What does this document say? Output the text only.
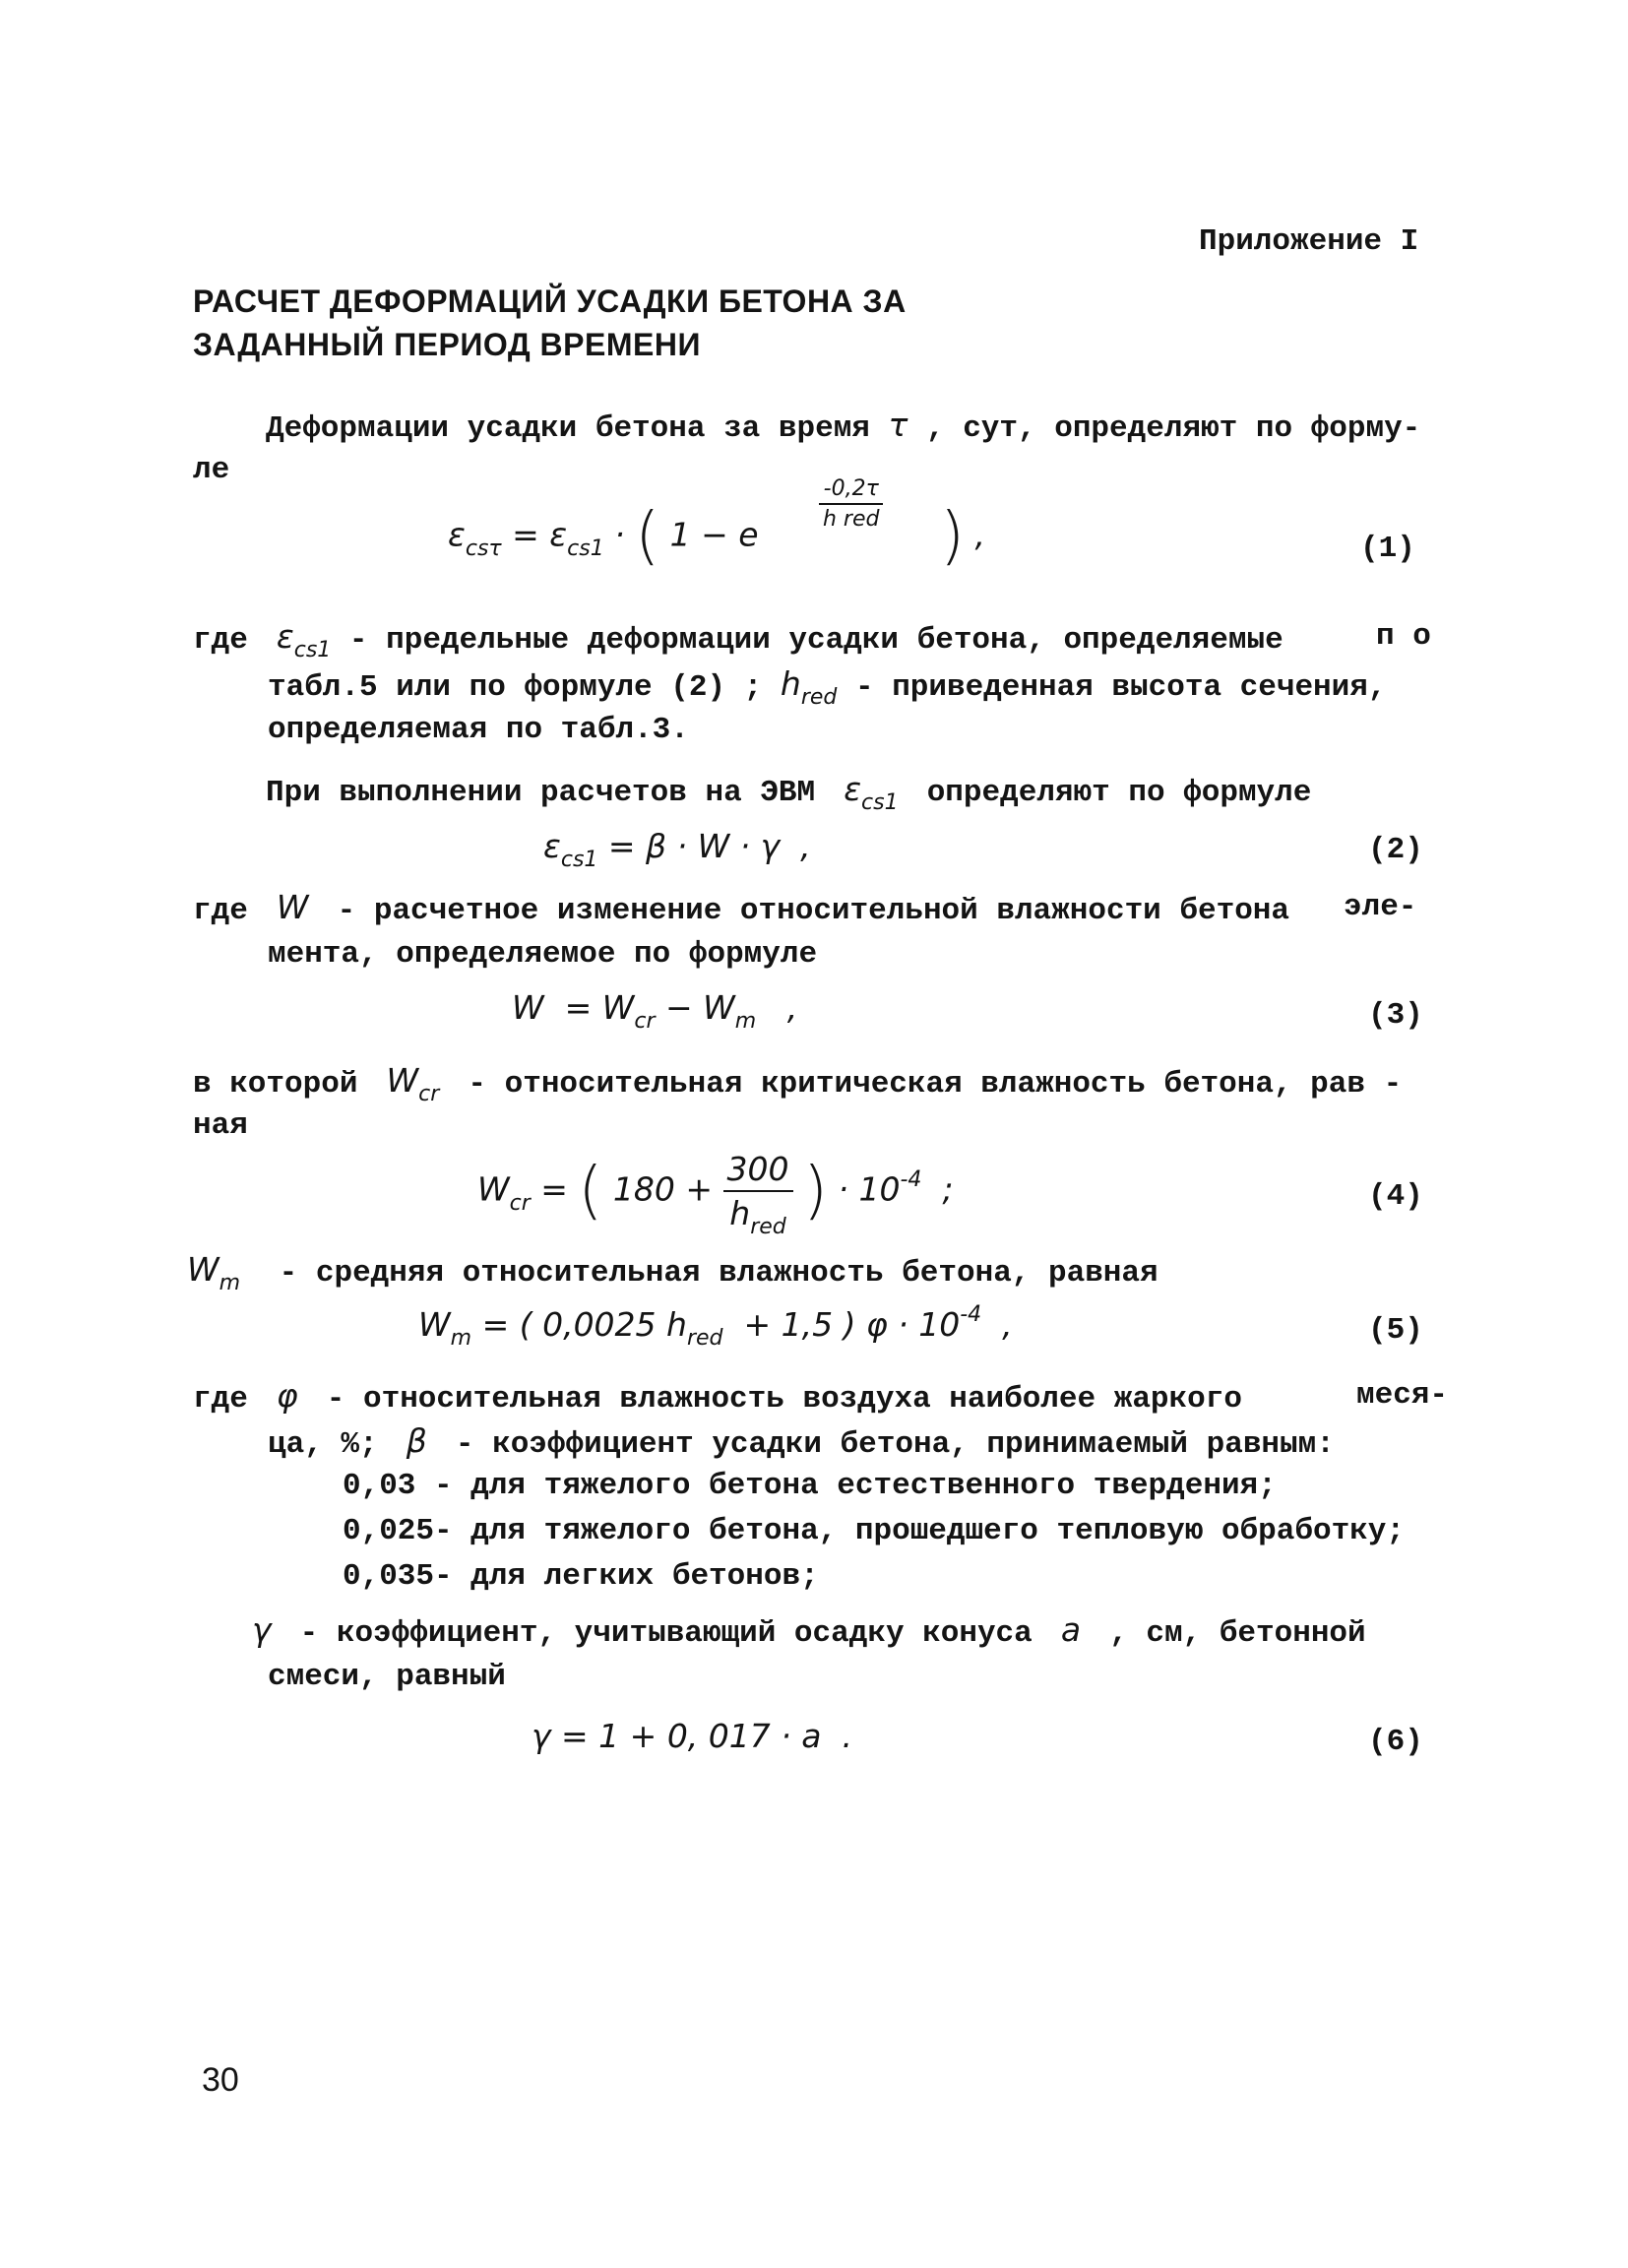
Приложение I
РАСЧЕТ ДЕФОРМАЦИЙ УСАДКИ БЕТОНА ЗА
ЗАДАННЫЙ ПЕРИОД ВРЕМЕНИ
Деформации усадки бетона за время τ , сут, определяют по форму-
ле
$\varepsilon_{cs\tau} = \varepsilon_{cs1}$ · ( 1 − e
$\frac{-0,2\tau}{\text{h red}}$ ) ,	(1)
где  $\varepsilon_{cs1}$ - предельные деформации усадки бетона, определяемые	п о
табл.5 или по формуле (2) ; $h_{red}$ - приведенная высота сечения,
определяемая по табл.3.
При выполнении расчетов на ЭВМ  $\varepsilon_{cs1}$ определяют по формуле
$\varepsilon_{cs1} = \beta \cdot W \cdot \gamma$  ,	(2)
где  W  - расчетное изменение относительной влажности бетона эле-
мента, определяемое по формуле
$W = W_{cr} - W_m$   ,	(3)
в которой  $W_{cr}$ - относительная критическая влажность бетона, рав -
ная
$W_{cr}$ = ( $180 + \frac{300}{h_{red}}$ ) · $10^{-4}$  ;	(4)
$W_m$ - средняя относительная влажность бетона, равная
$W_m$ = ( 0,0025 $h_{red} + 1,5$ ) $\varphi \cdot 10^{-4}$  ,	(5)
где  φ  - относительная влажность воздуха наиболее жаркого	меся-
ца, %;  β  - коэффициент усадки бетона, принимаемый равным:
0,03 - для тяжелого бетона естественного твердения;
0,025- для тяжелого бетона, прошедшего тепловую обработку;
0,035- для легких бетонов;
γ  - коэффициент, учитывающий осадку конуса  a  , см, бетонной
смеси, равный
γ = 1 + 0, 017 · a  .	(6)
30
